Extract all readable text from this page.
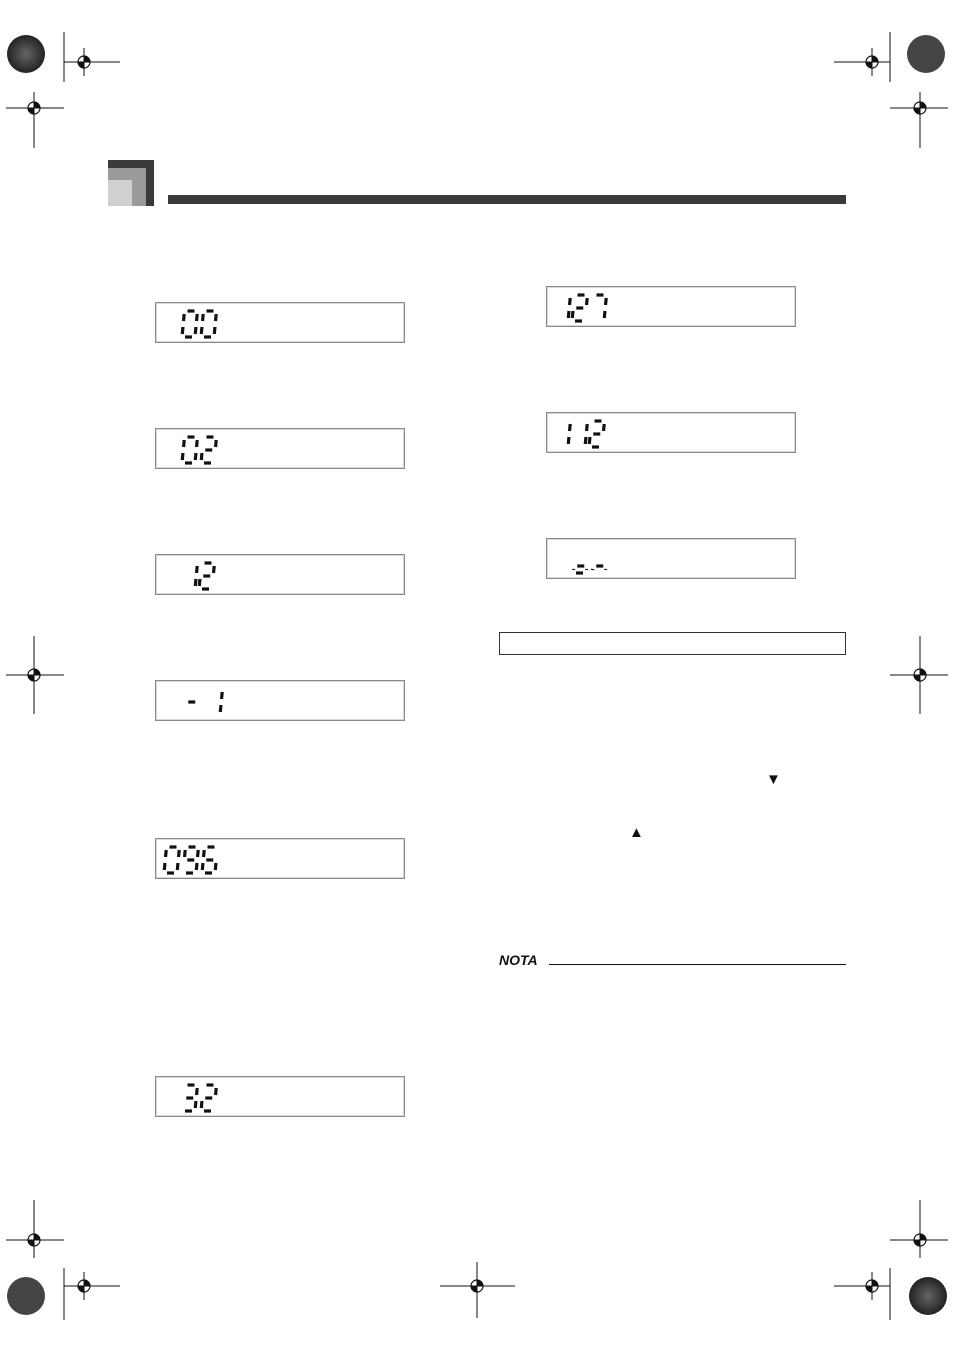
▼
▲
NOTA
